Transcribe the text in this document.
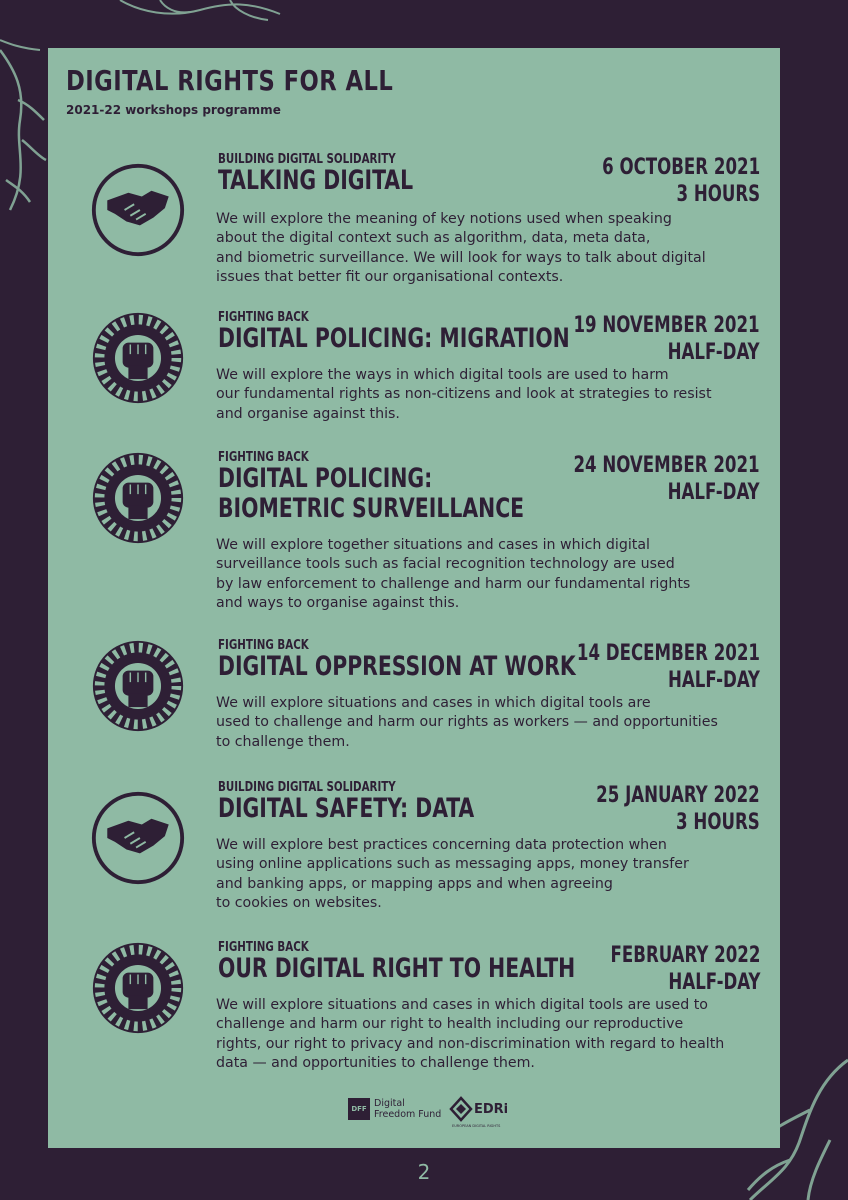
DIGITAL RIGHTS FOR ALL
2021-22 workshops programme
BUILDING DIGITAL SOLIDARITY
TALKING DIGITAL	6 OCTOBER 2021
3 HOURS

We will explore the meaning of key notions used when speaking
about the digital context such as algorithm, data, meta data,
and biometric surveillance. We will look for ways to talk about digital
issues that better fit our organisational contexts.

FIGHTING BACK
DIGITAL POLICING: MIGRATION 19 NOVEMBER 2021
HALF-DAY

We will explore the ways in which digital tools are used to harm
our fundamental rights as non-citizens and look at strategies to resist
and organise against this.

FIGHTING BACK
DIGITAL POLICING:
BIOMETRIC SURVEILLANCE
24 NOVEMBER 2021
HALF-DAY

We will explore together situations and cases in which digital
surveillance tools such as facial recognition technology are used
by law enforcement to challenge and harm our fundamental rights
and ways to organise against this.

FIGHTING BACK
DIGITAL OPPRESSION AT WORK 14 DECEMBER 2021
HALF-DAY

We will explore situations and cases in which digital tools are
used to challenge and harm our rights as workers — and opportunities
to challenge them.

BUILDING DIGITAL SOLIDARITY
DIGITAL SAFETY: DATA	25 JANUARY 2022
3 HOURS

We will explore best practices concerning data protection when
using online applications such as messaging apps, money transfer
and banking apps, or mapping apps and when agreeing
to cookies on websites.

FIGHTING BACK
OUR DIGITAL RIGHT TO HEALTH FEBRUARY 2022
HALF-DAY

We will explore situations and cases in which digital tools are used to
challenge and harm our right to health including our reproductive
rights, our right to privacy and non-discrimination with regard to health
data — and opportunities to challenge them.

DFF Digital
Freedom Fund	EDRi
EUROPEAN DIGITAL RIGHTS
2
